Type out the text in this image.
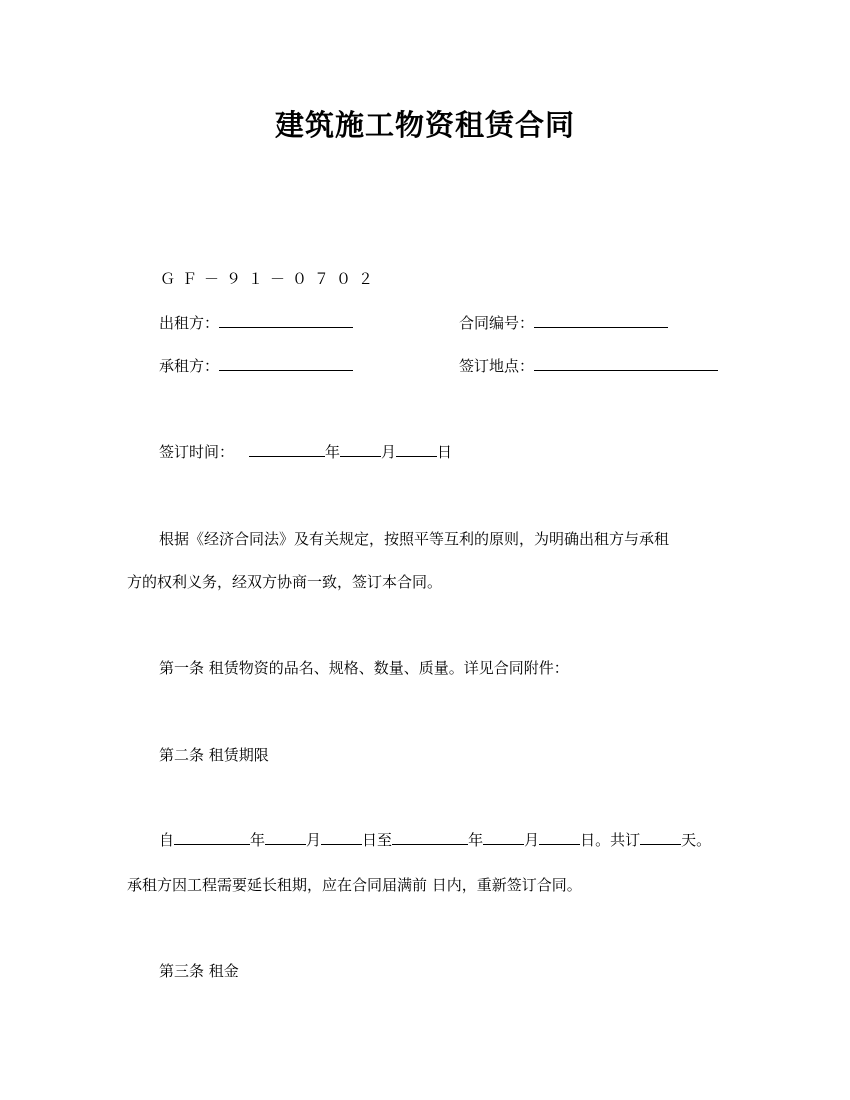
建筑施工物资租赁合同
ＧＦ－９１－０７０２
出租方：	合同编号：
承租方：	签订地点：
签订时间：	年	月	日
根据《经济合同法》及有关规定，按照平等互利的原则，为明确出租方与承租
方的权利义务，经双方协商一致，签订本合同。
第一条 租赁物资的品名、规格、数量、质量。详见合同附件：
第二条 租赁期限
自	年	月	日至	年	月	日。共订	天。
承租方因工程需要延长租期，应在合同届满前 日内，重新签订合同。
第三条 租金
